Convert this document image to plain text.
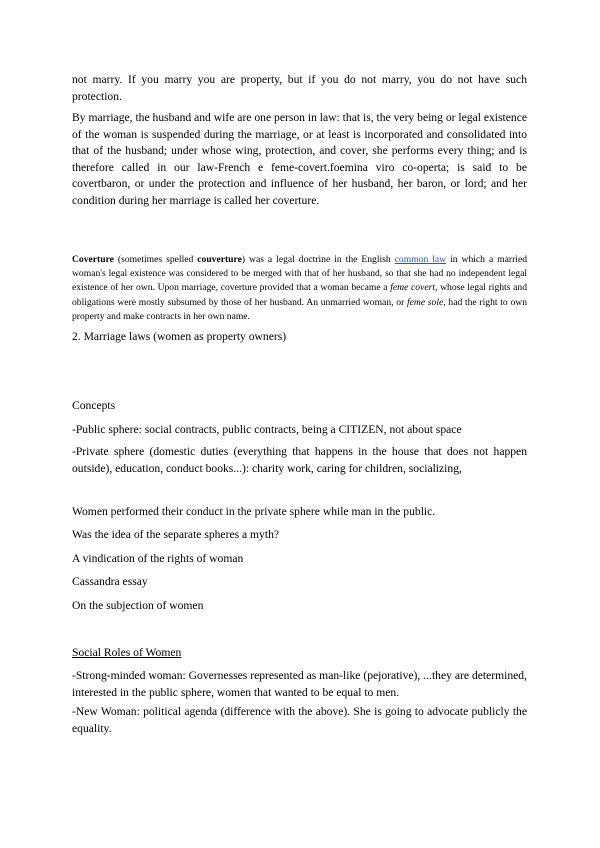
not marry. If you marry you are property, but if you do not marry, you do not have such protection.

By marriage, the husband and wife are one person in law: that is, the very being or legal existence of the woman is suspended during the marriage, or at least is incorporated and consolidated into that of the husband; under whose wing, protection, and cover, she performs every thing; and is therefore called in our law-French e feme-covert.foemina viro co-operta; is said to be covertbaron, or under the protection and influence of her husband, her baron, or lord; and her condition during her marriage is called her coverture.

Coverture (sometimes spelled couverture) was a legal doctrine in the English common law in which a married woman's legal existence was considered to be merged with that of her husband, so that she had no independent legal existence of her own. Upon marriage, coverture provided that a woman became a feme covert, whose legal rights and obligations were mostly subsumed by those of her husband. An unmarried woman, or feme sole, had the right to own property and make contracts in her own name.

2. Marriage laws (women as property owners)

Concepts

-Public sphere: social contracts, public contracts, being a CITIZEN, not about space

-Private sphere (domestic duties (everything that happens in the house that does not happen outside), education, conduct books...): charity work, caring for children, socializing,

Women performed their conduct in the private sphere while man in the public.

Was the idea of the separate spheres a myth?

A vindication of the rights of woman

Cassandra essay

On the subjection of women

Social Roles of Women

-Strong-minded woman: Governesses represented as man-like (pejorative), ...they are determined, interested in the public sphere, women that wanted to be equal to men.

-New Woman: political agenda (difference with the above). She is going to advocate publicly the equality.
